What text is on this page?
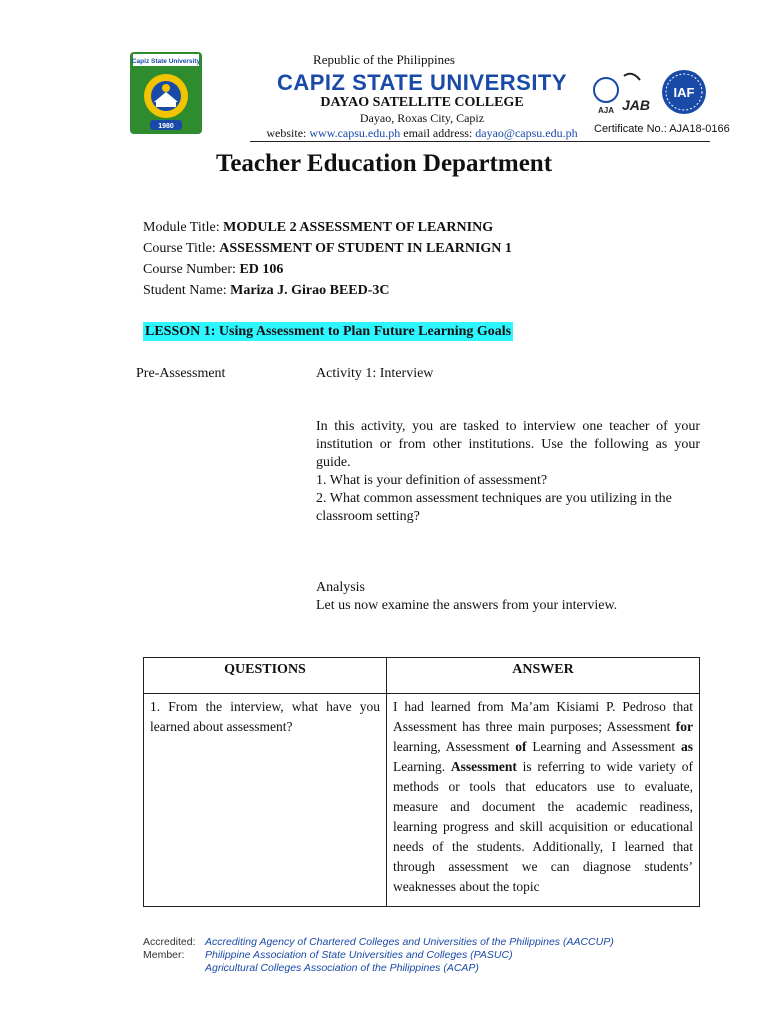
Capiz State University
1980
Republic of the Philippines
CAPIZ STATE UNIVERSITY
DAYAO SATELLITE COLLEGE
Dayao, Roxas City, Capiz
website: www.capsu.edu.ph email address: dayao@capsu.edu.ph
AJA JAB
IAF
Certificate No.: AJA18-0166
Teacher Education Department
Module Title: MODULE 2 ASSESSMENT OF LEARNING
Course Title: ASSESSMENT OF STUDENT IN LEARNIGN 1
Course Number: ED 106
Student Name: Mariza J. Girao BEED-3C
LESSON 1: Using Assessment to Plan Future Learning Goals
Pre-Assessment	Activity 1: Interview

In this activity, you are tasked to interview one teacher of your institution or from other institutions. Use the following as your guide.

1. What is your definition of assessment?

2. What common assessment techniques are you utilizing in the

classroom setting?

Analysis

Let us now examine the answers from your interview.

QUESTIONS	ANSWER
1. From the interview, what have you learned about assessment?	I had learned from Ma’am Kisiami P. Pedroso that Assessment has three main purposes; Assessment for learning, Assessment of Learning and Assessment as Learning. Assessment is referring to wide variety of methods or tools that educators use to evaluate, measure and document the academic readiness, learning progress and skill acquisition or educational needs of the students. Additionally, I learned that through assessment we can diagnose students’ weaknesses about the topic
Accredited: Accrediting Agency of Chartered Colleges and Universities of the Philippines (AACCUP)
Member: Philippine Association of State Universities and Colleges (PASUC)
Agricultural Colleges Association of the Philippines (ACAP)
